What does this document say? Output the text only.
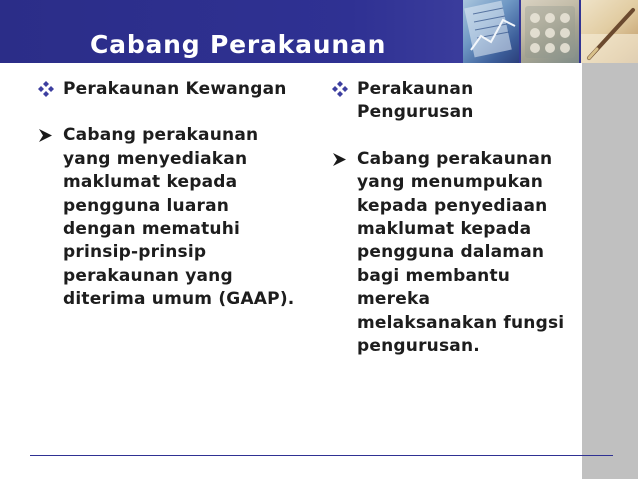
Cabang Perakaunan
Perakaunan Kewangan
Cabang perakaunan
yang menyediakan
maklumat kepada
pengguna luaran
dengan mematuhi
prinsip-prinsip
perakaunan yang
diterima umum (GAAP).
Perakaunan
Pengurusan
Cabang perakaunan
yang menumpukan
kepada penyediaan
maklumat kepada
pengguna dalaman
bagi membantu
mereka
melaksanakan fungsi
pengurusan.
